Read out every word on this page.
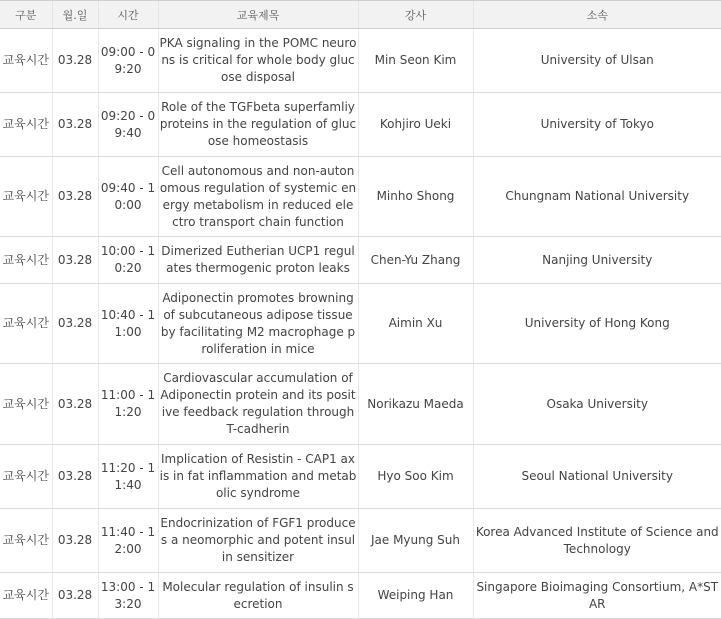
구분	월.일	시간	교육제목	강사	소속
교육시간	03.28	09:00 - 09:20	PKA signaling in the POMC neurons is critical for whole body glucose disposal	Min Seon Kim	University of Ulsan
교육시간	03.28	09:20 - 09:40	Role of the TGFbeta superfamliy proteins in the regulation of glucose homeostasis	Kohjiro Ueki	University of Tokyo
교육시간	03.28	09:40 - 10:00	Cell autonomous and non-autonomous regulation of systemic energy metabolism in reduced electro transport chain function	Minho Shong	Chungnam National University
교육시간	03.28	10:00 - 10:20	Dimerized Eutherian UCP1 regulates thermogenic proton leaks	Chen-Yu Zhang	Nanjing University
교육시간	03.28	10:40 - 11:00	Adiponectin promotes browning of subcutaneous adipose tissue by facilitating M2 macrophage proliferation in mice	Aimin Xu	University of Hong Kong
교육시간	03.28	11:00 - 11:20	Cardiovascular accumulation of Adiponectin protein and its positive feedback regulation through T-cadherin	Norikazu Maeda	Osaka University
교육시간	03.28	11:20 - 11:40	Implication of Resistin - CAP1 axis in fat inflammation and metabolic syndrome	Hyo Soo Kim	Seoul National University
교육시간	03.28	11:40 - 12:00	Endocrinization of FGF1 produces a neomorphic and potent insulin sensitizer	Jae Myung Suh	Korea Advanced Institute of Science and Technology
교육시간	03.28	13:00 - 13:20	Molecular regulation of insulin secretion	Weiping Han	Singapore Bioimaging Consortium, A*STAR
